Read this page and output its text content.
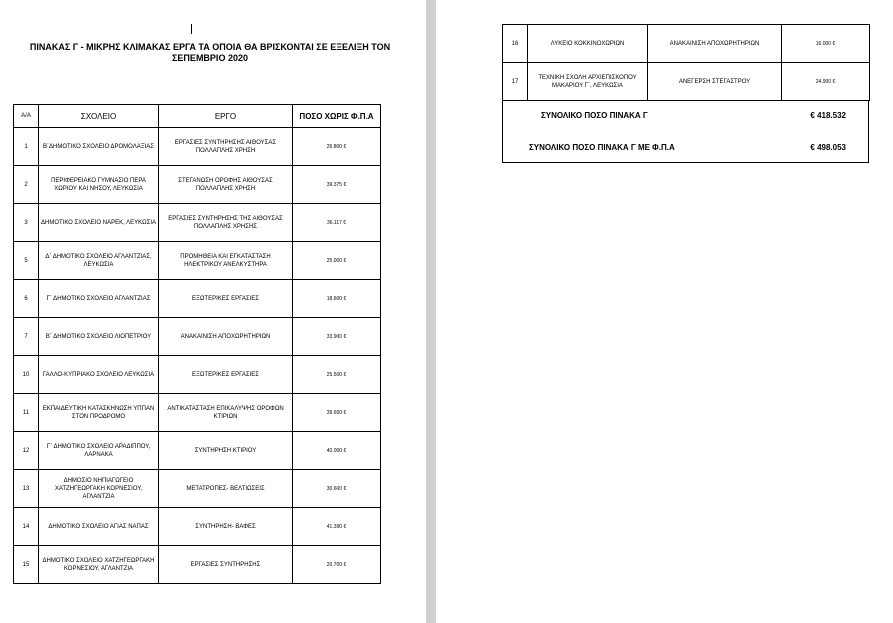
ΠΙΝΑΚΑΣ Γ - ΜΙΚΡΗΣ ΚΛΙΜΑΚΑΣ ΕΡΓΑ ΤΑ ΟΠΟΙΑ ΘΑ ΒΡΙΣΚΟΝΤΑΙ ΣΕ ΕΞΕΛΙΞΗ ΤΟΝ ΣΕΠΕΜΒΡΙΟ 2020
Α/Α	ΣΧΟΛΕΙΟ	ΕΡΓΟ	ΠΟΣΟ ΧΩΡΙΣ Φ.Π.Α
1	Β΄ΔΗΜΟΤΙΚΟ ΣΧΟΛΕΙΟ ΔΡΟΜΟΛΑΞΙΑΣ	ΕΡΓΑΣΙΕΣ ΣΥΝΤΗΡΗΣΗΣ ΑΙΘΟΥΣΑΣ ΠΟΛΛΑΠΛΗΣ ΧΡΗΣΗ	26.800 €
2	ΠΕΡΙΦΕΡΕΙΑΚΟ ΓΥΜΝΑΣΙΟ ΠΕΡΑ ΧΩΡΙΟΥ ΚΑΙ ΝΗΣΟΥ, ΛΕΥΚΩΣΙΑ	ΣΤΕΓΑΝΩΣΗ ΟΡΟΦΗΣ ΑΙΘΟΥΣΑΣ ΠΟΛΛΑΠΛΗΣ ΧΡΗΣΗ	39.375 €
3	ΔΗΜΟΤΙΚΟ ΣΧΟΛΕΙΟ ΝΑΡΕΚ, ΛΕΥΚΩΣΙΑ	ΕΡΓΑΣΙΕΣ ΣΥΝΤΗΡΗΣΗΣ ΤΗΣ ΑΙΘΟΥΣΑΣ ΠΟΛΛΑΠΛΗΣ ΧΡΗΣΗΣ	36.117 €
5	Δ΄ ΔΗΜΟΤΙΚΟ ΣΧΟΛΕΙΟ ΑΓΛΑΝΤΖΙΑΣ, ΛΕΥΚΩΣΙΑ	ΠΡΟΜΗΘΕΙΑ ΚΑΙ ΕΓΚΑΤΑΣΤΑΣΗ ΗΛΕΚΤΡΙΚΟΥ ΑΝΕΛΚΥΣΤΗΡΑ	25.000 €
6	Γ΄ ΔΗΜΟΤΙΚΟ ΣΧΟΛΕΙΟ ΑΓΛΑΝΤΖΙΑΣ	ΕΞΩΤΕΡΙΚΕΣ ΕΡΓΑΣΙΕΣ	18.600 €
7	Β΄ ΔΗΜΟΤΙΚΟ ΣΧΟΛΕΙΟ ΛΙΟΠΕΤΡΙΟΥ	ΑΝΑΚΑΙΝΙΣΗ ΑΠΟΧΩΡΗΤΗΡΙΩΝ	33.900 €
10	ΓΑΛΛΟ-ΚΥΠΡΙΑΚΟ ΣΧΟΛΕΙΟ ΛΕΥΚΩΣΙΑ	ΕΞΩΤΕΡΙΚΕΣ ΕΡΓΑΣΙΕΣ	25.500 €
11	ΕΚΠΑΙΔΕΥΤΙΚΗ ΚΑΤΑΣΚΗΝΩΣΗ ΥΠΠΑΝ ΣΤΟΝ ΠΡΟΔΡΟΜΟ	ΑΝΤΙΚΑΤΑΣΤΑΣΗ ΕΠΙΚΑΛΥΨΗΣ ΟΡΟΦΩΝ ΚΤΙΡΙΩΝ	39.650 €
12	Γ΄ ΔΗΜΟΤΙΚΟ ΣΧΟΛΕΙΟ ΑΡΑΔΙΠΠΟΥ, ΛΑΡΝΑΚΑ	ΣΥΝΤΗΡΗΣΗ ΚΤΙΡΙΟΥ	40.000 €
13	ΔΗΜΟΣΙΟ ΝΗΠΙΑΓΩΓΕΙΟ ΧΑΤΖΗΓΕΩΡΓΑΚΗ ΚΟΡΝΕΣΙΟΥ, ΑΓΛΑΝΤΖΙΑ	ΜΕΤΑΤΡΟΠΕΣ- ΒΕΛΤΙΩΣΕΙΣ	30.600 €
14	ΔΗΜΟΤΙΚΟ ΣΧΟΛΕΙΟ ΑΓΙΑΣ ΝΑΠΑΣ	ΣΥΝΤΗΡΗΣΗ- ΒΑΦΕΣ	41.390 €
15	ΔΗΜΟΤΙΚΟ ΣΧΟΛΕΙΟ ΧΑΤΖΗΓΕΩΡΓΑΚΗ ΚΟΡΝΕΣΙΟΥ, ΑΓΛΑΝΤΖΙΑ	ΕΡΓΑΣΙΕΣ ΣΥΝΤΗΡΗΣΗΣ	20.700 €
16	ΛΥΚΕΙΟ ΚΟΚΚΙΝΟΧΩΡΙΩΝ	ΑΝΑΚΑΙΝΙΣΗ ΑΠΟΧΩΡΗΤΗΡΙΩΝ	16.000 €
17	ΤΕΧΝΙΚΗ ΣΧΟΛΗ ΑΡΧΙΕΠΙΣΚΟΠΟΥ ΜΑΚΑΡΙΟΥ Γ΄, ΛΕΥΚΩΣΙΑ	ΑΝΕΓΕΡΣΗ ΣΤΕΓΑΣΤΡΟΥ	24.900 €
ΣΥΝΟΛΙΚΟ ΠΟΣΟ ΠΙΝΑΚΑ Γ	€ 418.532
ΣΥΝΟΛΙΚΟ ΠΟΣΟ ΠΙΝΑΚΑ Γ ΜΕ Φ.Π.Α	€ 498.053
